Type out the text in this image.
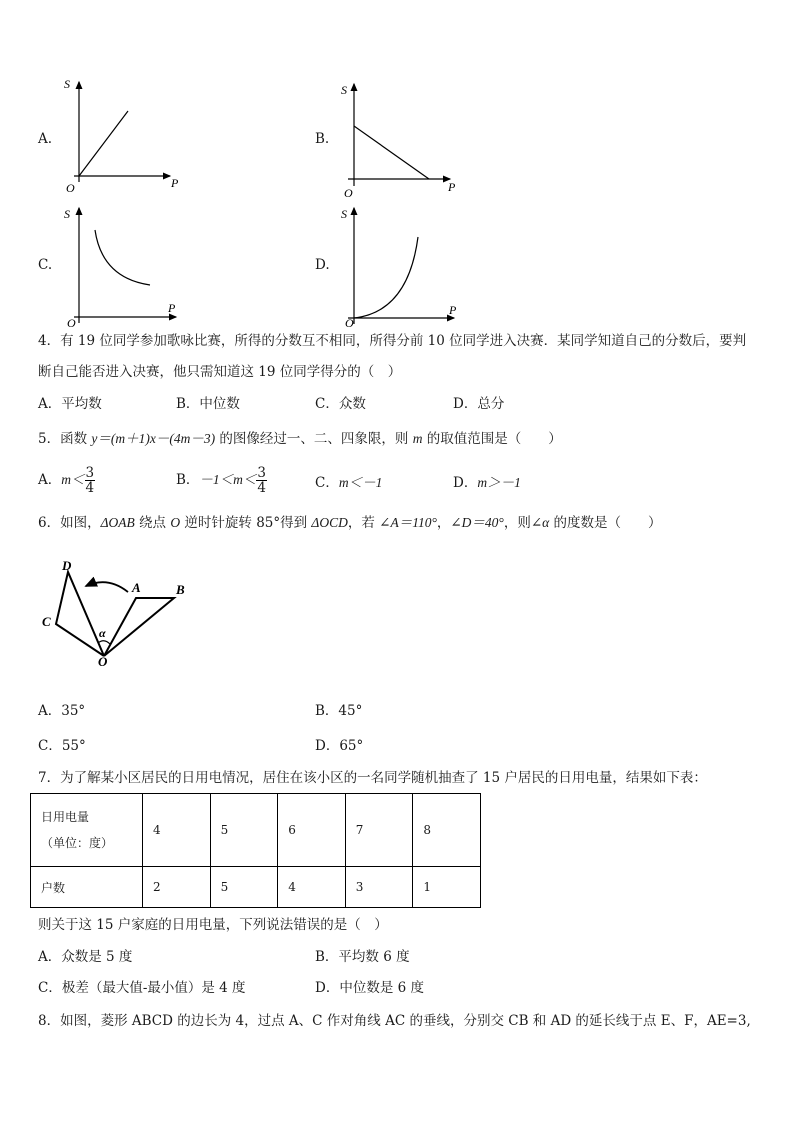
A.
S
P
O
B.
S
P
O
C.
S
P
O
D.
S
P
O
4．有 19 位同学参加歌咏比赛，所得的分数互不相同，所得分前 10 位同学进入决赛．某同学知道自己的分数后，要判
断自己能否进入决赛，他只需知道这 19 位同学得分的（　）
A．平均数	B．中位数	C．众数	D．总分
5．函数 y＝(m＋1)x－(4m－3) 的图像经过一、二、四象限，则 m 的取值范围是（　　）
A．$m< \frac{3}{4}$	B．$-1<m< \frac{3}{4}$	C．m＜－1	D．m＞－1
6．如图，ΔOAB 绕点 O 逆时针旋转 85°得到 ΔOCD，若 ∠A＝110°，∠D＝40°，则∠α 的度数是（　　）
D
A	B
C
O
α
A．35°	B．45°
C．55°	D．65°
7．为了解某小区居民的日用电情况，居住在该小区的一名同学随机抽查了 15 户居民的日用电量，结果如下表：
日用电量
（单位：度）	4	5	6	7	8
户数	2	5	4	3	1
则关于这 15 户家庭的日用电量，下列说法错误的是（　）
A．众数是 5 度	B．平均数 6 度
C．极差（最大值-最小值）是 4 度	D．中位数是 6 度
8．如图，菱形 ABCD 的边长为 4，过点 A、C 作对角线 AC 的垂线，分别交 CB 和 AD 的延长线于点 E、F，AE=3,
